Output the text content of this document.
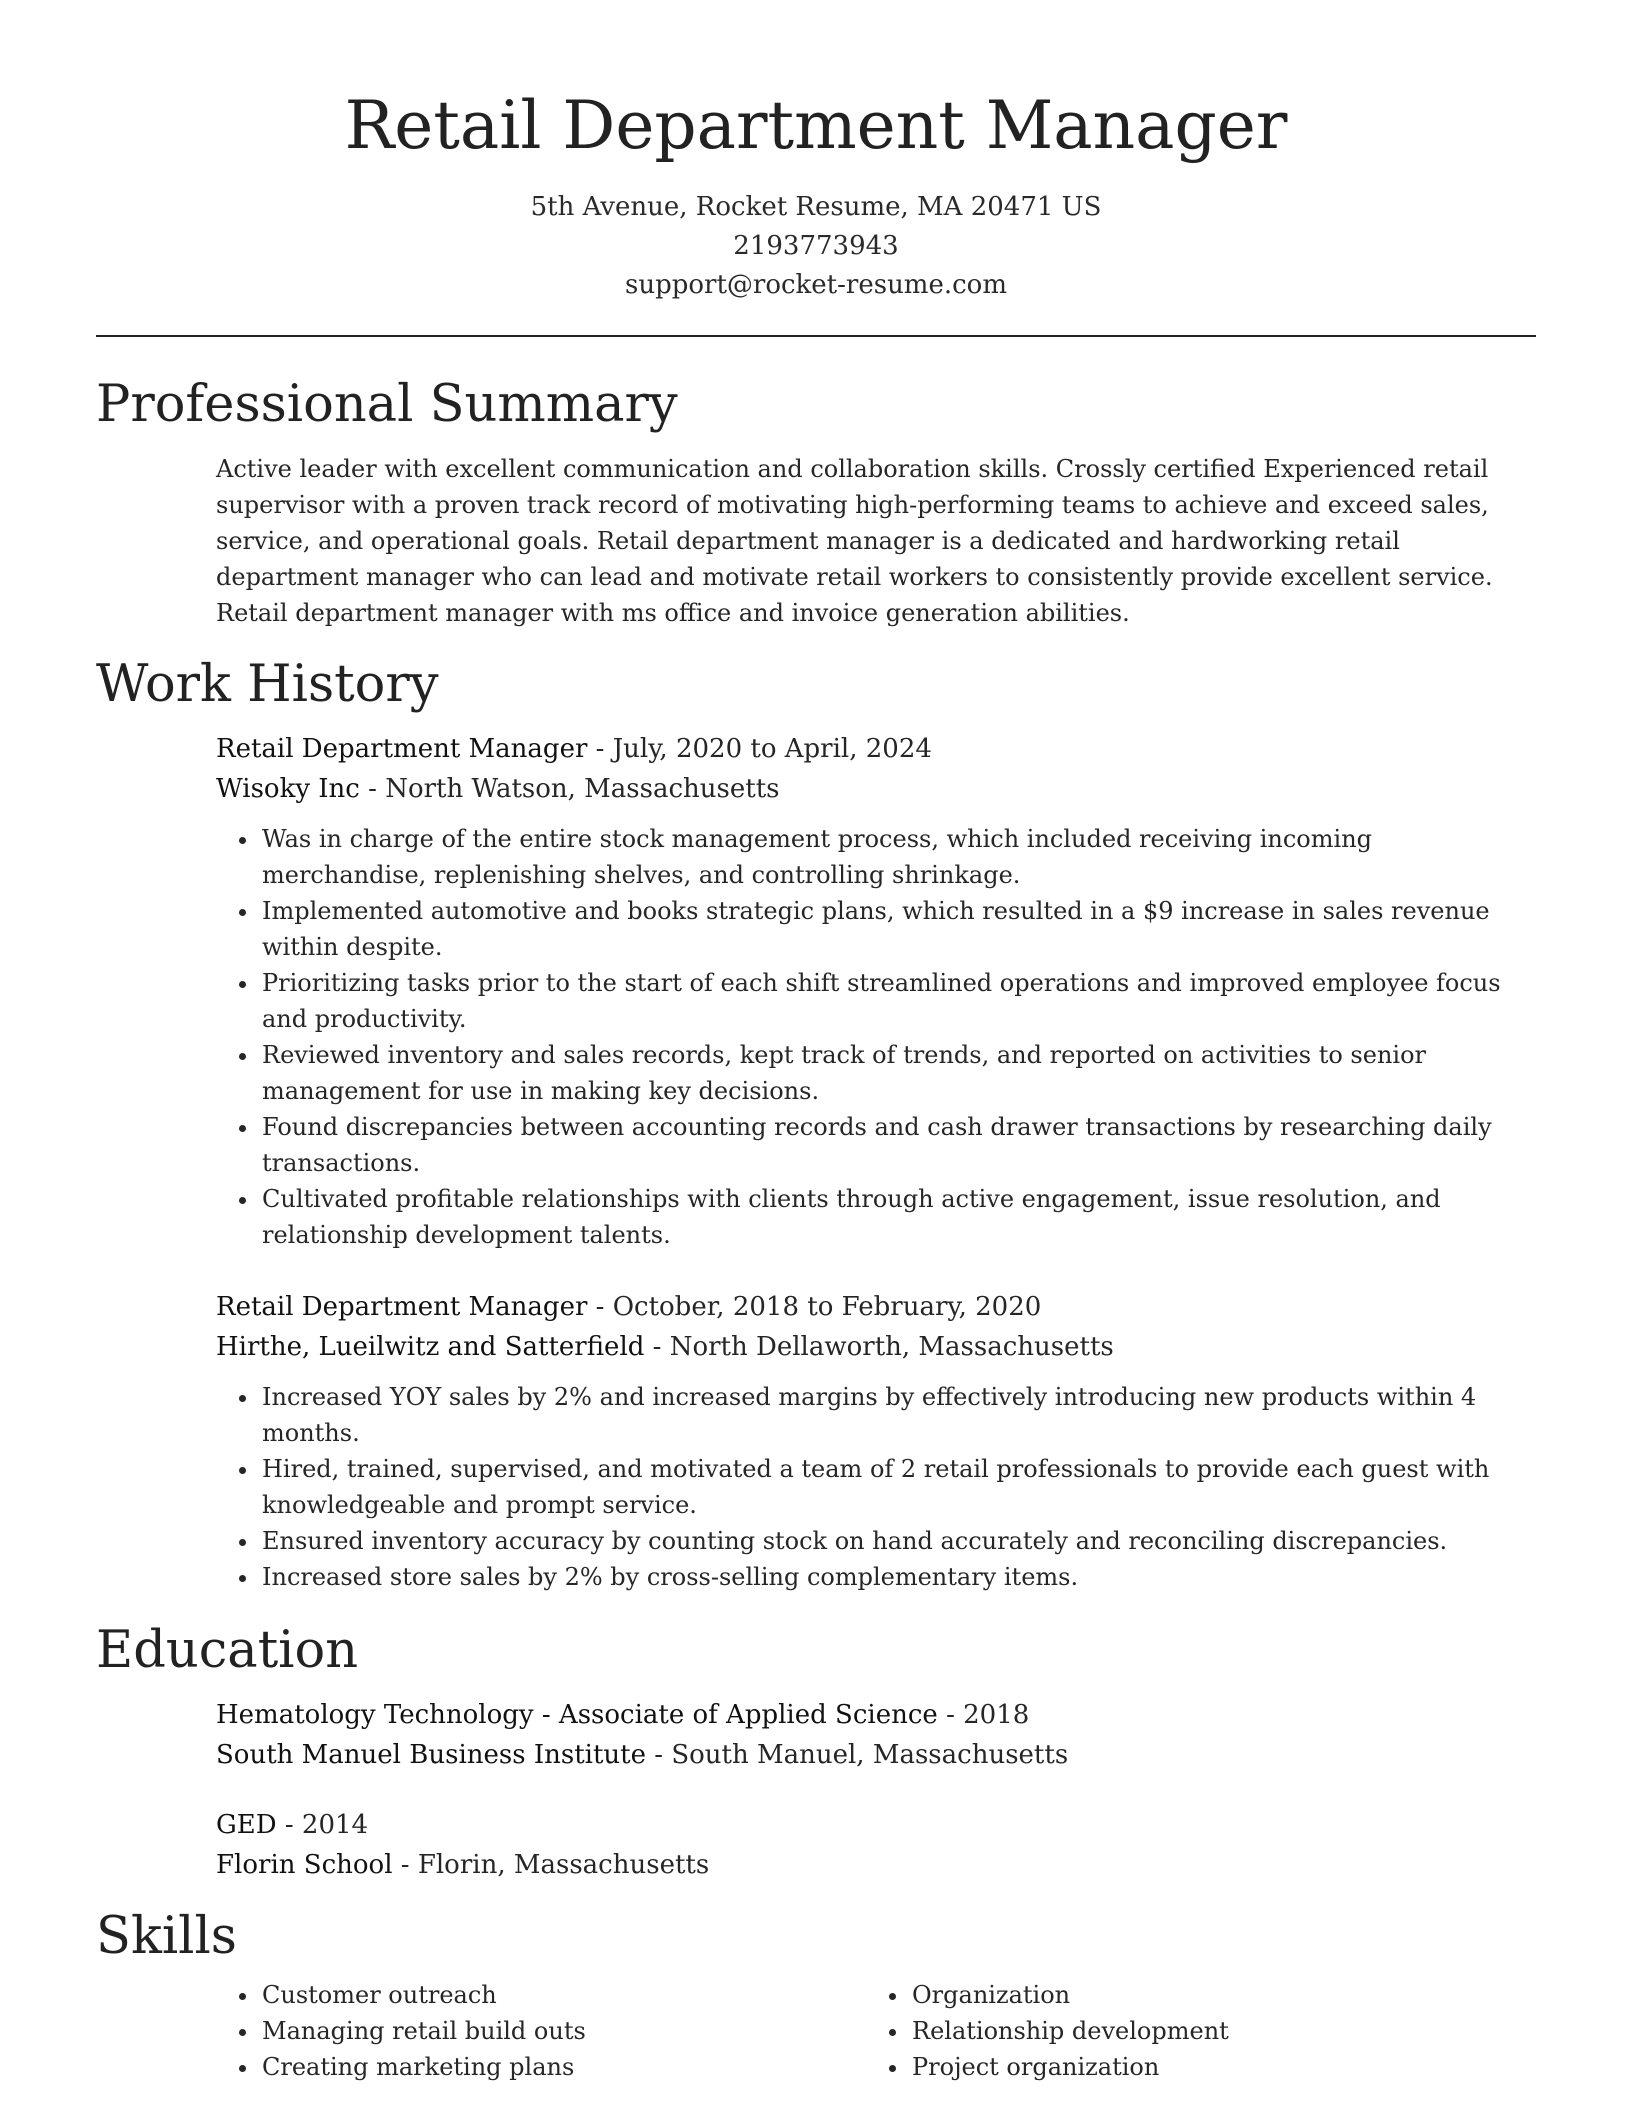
Retail Department Manager
5th Avenue, Rocket Resume, MA 20471 US
2193773943
support@rocket-resume.com
Professional Summary
Active leader with excellent communication and collaboration skills. Crossly certified Experienced retail supervisor with a proven track record of motivating high-performing teams to achieve and exceed sales, service, and operational goals. Retail department manager is a dedicated and hardworking retail department manager who can lead and motivate retail workers to consistently provide excellent service. Retail department manager with ms office and invoice generation abilities.
Work History
Retail Department Manager - July, 2020 to April, 2024
Wisoky Inc - North Watson, Massachusetts
• Was in charge of the entire stock management process, which included receiving incoming merchandise, replenishing shelves, and controlling shrinkage.
• Implemented automotive and books strategic plans, which resulted in a $9 increase in sales revenue within despite.
• Prioritizing tasks prior to the start of each shift streamlined operations and improved employee focus and productivity.
• Reviewed inventory and sales records, kept track of trends, and reported on activities to senior management for use in making key decisions.
• Found discrepancies between accounting records and cash drawer transactions by researching daily transactions.
• Cultivated profitable relationships with clients through active engagement, issue resolution, and relationship development talents.
Retail Department Manager - October, 2018 to February, 2020
Hirthe, Lueilwitz and Satterfield - North Dellaworth, Massachusetts
• Increased YOY sales by 2% and increased margins by effectively introducing new products within 4 months.
• Hired, trained, supervised, and motivated a team of 2 retail professionals to provide each guest with knowledgeable and prompt service.
• Ensured inventory accuracy by counting stock on hand accurately and reconciling discrepancies.
• Increased store sales by 2% by cross-selling complementary items.
Education
Hematology Technology - Associate of Applied Science - 2018
South Manuel Business Institute - South Manuel, Massachusetts
GED - 2014
Florin School - Florin, Massachusetts
Skills
• Customer outreach
• Managing retail build outs
• Creating marketing plans
• Organization
• Relationship development
• Project organization
